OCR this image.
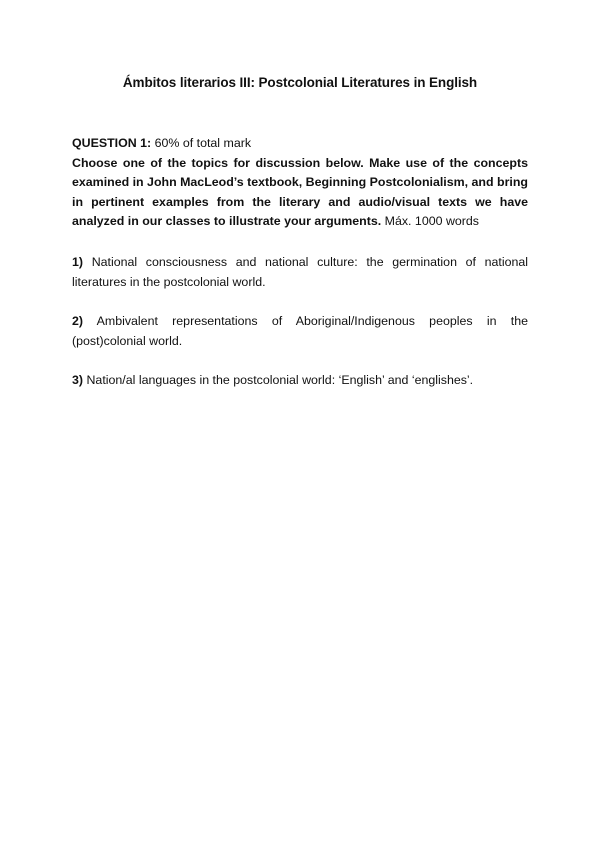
Ámbitos literarios III: Postcolonial Literatures in English
QUESTION 1: 60% of total mark

Choose one of the topics for discussion below. Make use of the concepts examined in John MacLeod’s textbook, Beginning Postcolonialism, and bring in pertinent examples from the literary and audio/visual texts we have analyzed in our classes to illustrate your arguments. Máx. 1000 words

1) National consciousness and national culture: the germination of national literatures in the postcolonial world.

2) Ambivalent representations of Aboriginal/Indigenous peoples in the (post)colonial world.

3) Nation/al languages in the postcolonial world: ‘English’ and ‘englishes’.
